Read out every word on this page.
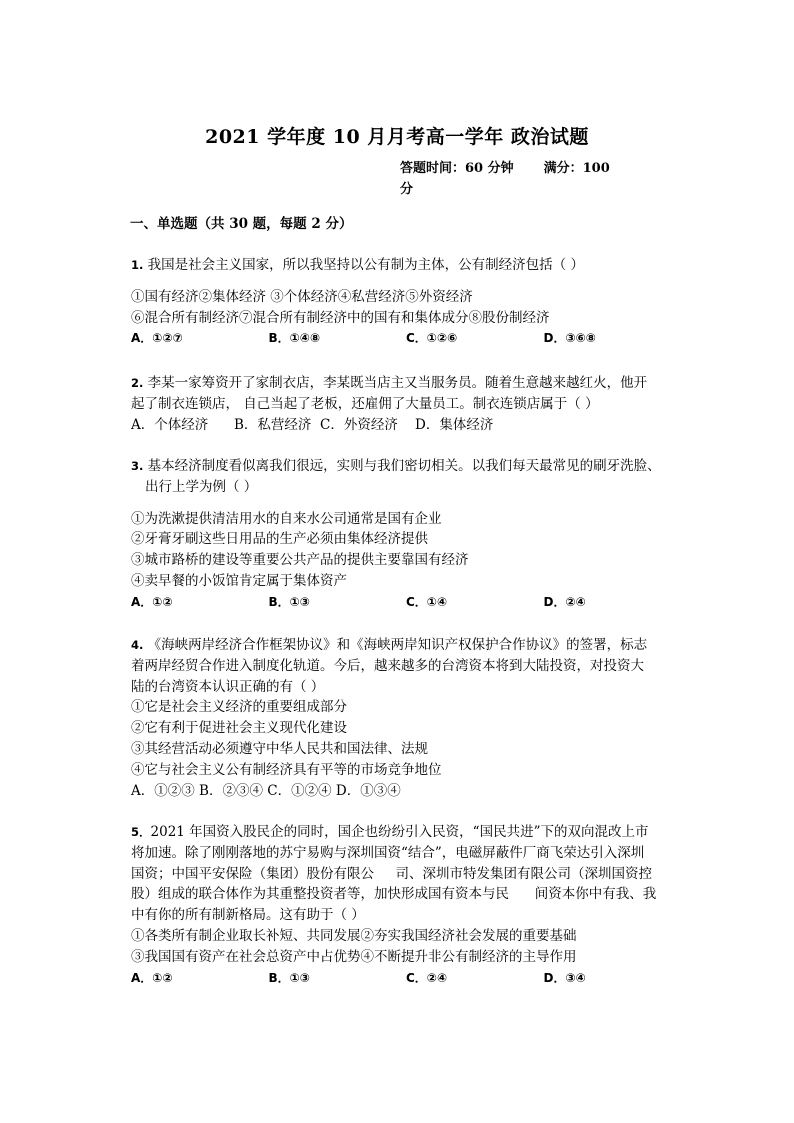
2021 学年度 10 月月考高一学年 政治试题
答题时间：60 分钟 满分：100
分
一、单选题（共 30 题，每题 2 分）
1. 我国是社会主义国家，所以我坚持以公有制为主体，公有制经济包括（ ）
①国有经济②集体经济 ③个体经济④私营经济⑤外资经济
⑥混合所有制经济⑦混合所有制经济中的国有和集体成分⑧股份制经济
A．①②⑦	B．①④⑧	C．①②⑥	D．③⑥⑧
2. 李某一家筹资开了家制衣店，李某既当店主又当服务员。随着生意越来越红火，他开
起了制衣连锁店， 自己当起了老板，还雇佣了大量员工。制衣连锁店属于（ ）
A．个体经济      B．私营经济  C．外资经济    D．集体经济
3. 基本经济制度看似离我们很远，实则与我们密切相关。以我们每天最常见的刷牙洗脸、
出行上学为例（ ）
①为洗漱提供清洁用水的自来水公司通常是国有企业
②牙膏牙刷这些日用品的生产必须由集体经济提供
③城市路桥的建设等重要公共产品的提供主要靠国有经济
④卖早餐的小饭馆肯定属于集体资产
A．①②	B．①③	C．①④	D．②④
4. 《海峡两岸经济合作框架协议》和《海峡两岸知识产权保护合作协议》的签署，标志
着两岸经贸合作进入制度化轨道。今后，越来越多的台湾资本将到大陆投资，对投资大
陆的台湾资本认识正确的有（ ）
①它是社会主义经济的重要组成部分
②它有利于促进社会主义现代化建设
③其经营活动必须遵守中华人民共和国法律、法规
④它与社会主义公有制经济具有平等的市场竞争地位
A．①②③ B．②③④ C．①②④ D．①③④
5．2021 年国资入股民企的同时，国企也纷纷引入民资，“国民共进”下的双向混改上市
将加速。除了刚刚落地的苏宁易购与深圳国资“结合”，电磁屏蔽件厂商飞荣达引入深圳
国资；中国平安保险（集团）股份有限公     司、深圳市特发集团有限公司（深圳国资控
股）组成的联合体作为其重整投资者等，加快形成国有资本与民      间资本你中有我、我
中有你的所有制新格局。这有助于（ ）
①各类所有制企业取长补短、共同发展②夯实我国经济社会发展的重要基础
③我国国有资产在社会总资产中占优势④不断提升非公有制经济的主导作用
A．①②	B．①③	C．②④	D．③④
